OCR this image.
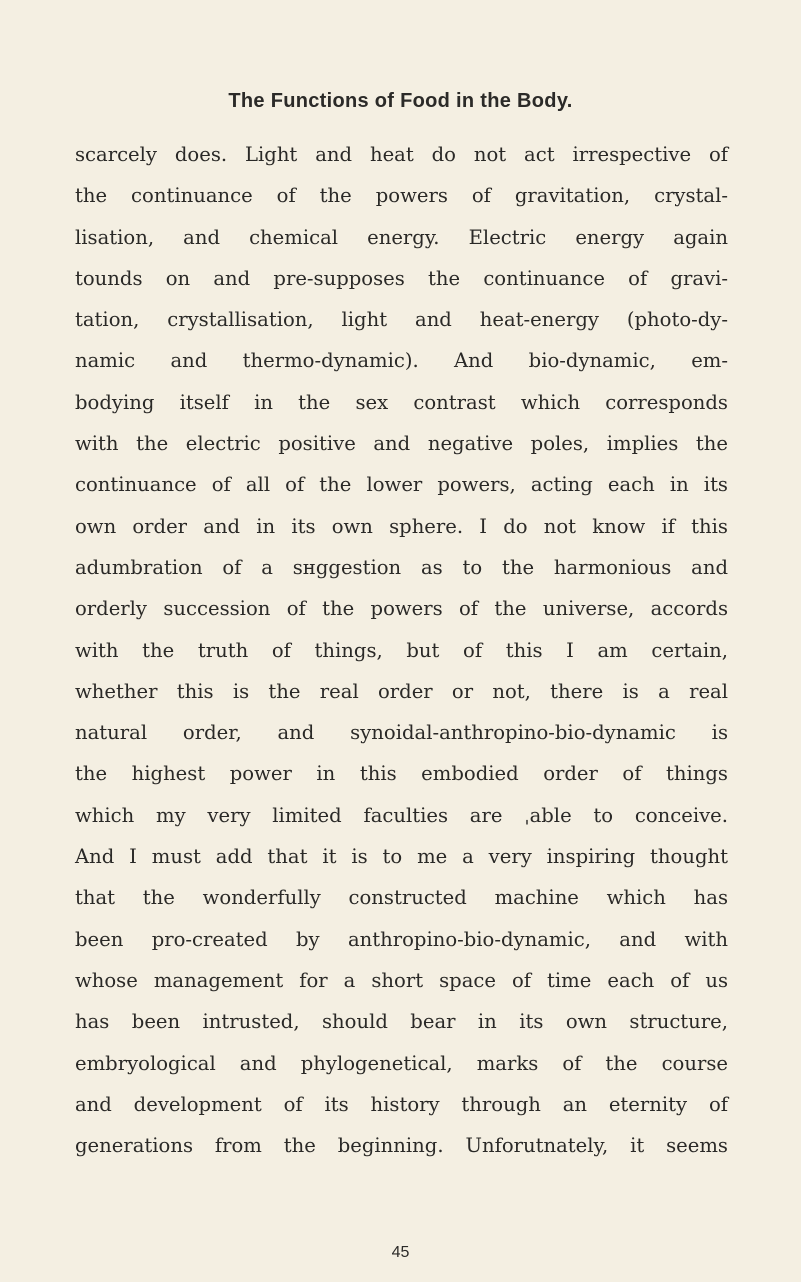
The Functions of Food in the Body.
scarcely does. Light and heat do not act irrespective of
the continuance of the powers of gravitation, crystal-
lisation, and chemical energy. Electric energy again
tounds on and pre-supposes the continuance of gravi-
tation, crystallisation, light and heat-energy (photo-dy-
namic and thermo-dynamic). And bio-dynamic, em-
bodying itself in the sex contrast which corresponds
with the electric positive and negative poles, implies the
continuance of all of the lower powers, acting each in its
own order and in its own sphere. I do not know if this
adumbration of a sнggestion as to the harmonious and
orderly succession of the powers of the universe, accords
with the truth of things, but of this I am certain,
whether this is the real order or not, there is a real
natural order, and synoidal-anthropino-bio-dynamic is
the highest power in this embodied order of things
which my very limited faculties are ˌable to conceive.
And I must add that it is to me a very inspiring thought
that the wonderfully constructed machine which has
been pro-created by anthropino-bio-dynamic, and with
whose management for a short space of time each of us
has been intrusted, should bear in its own structure,
embryological and phylogenetical, marks of the course
and development of its history through an eternity of
generations from the beginning. Unforutnately, it seems
45
